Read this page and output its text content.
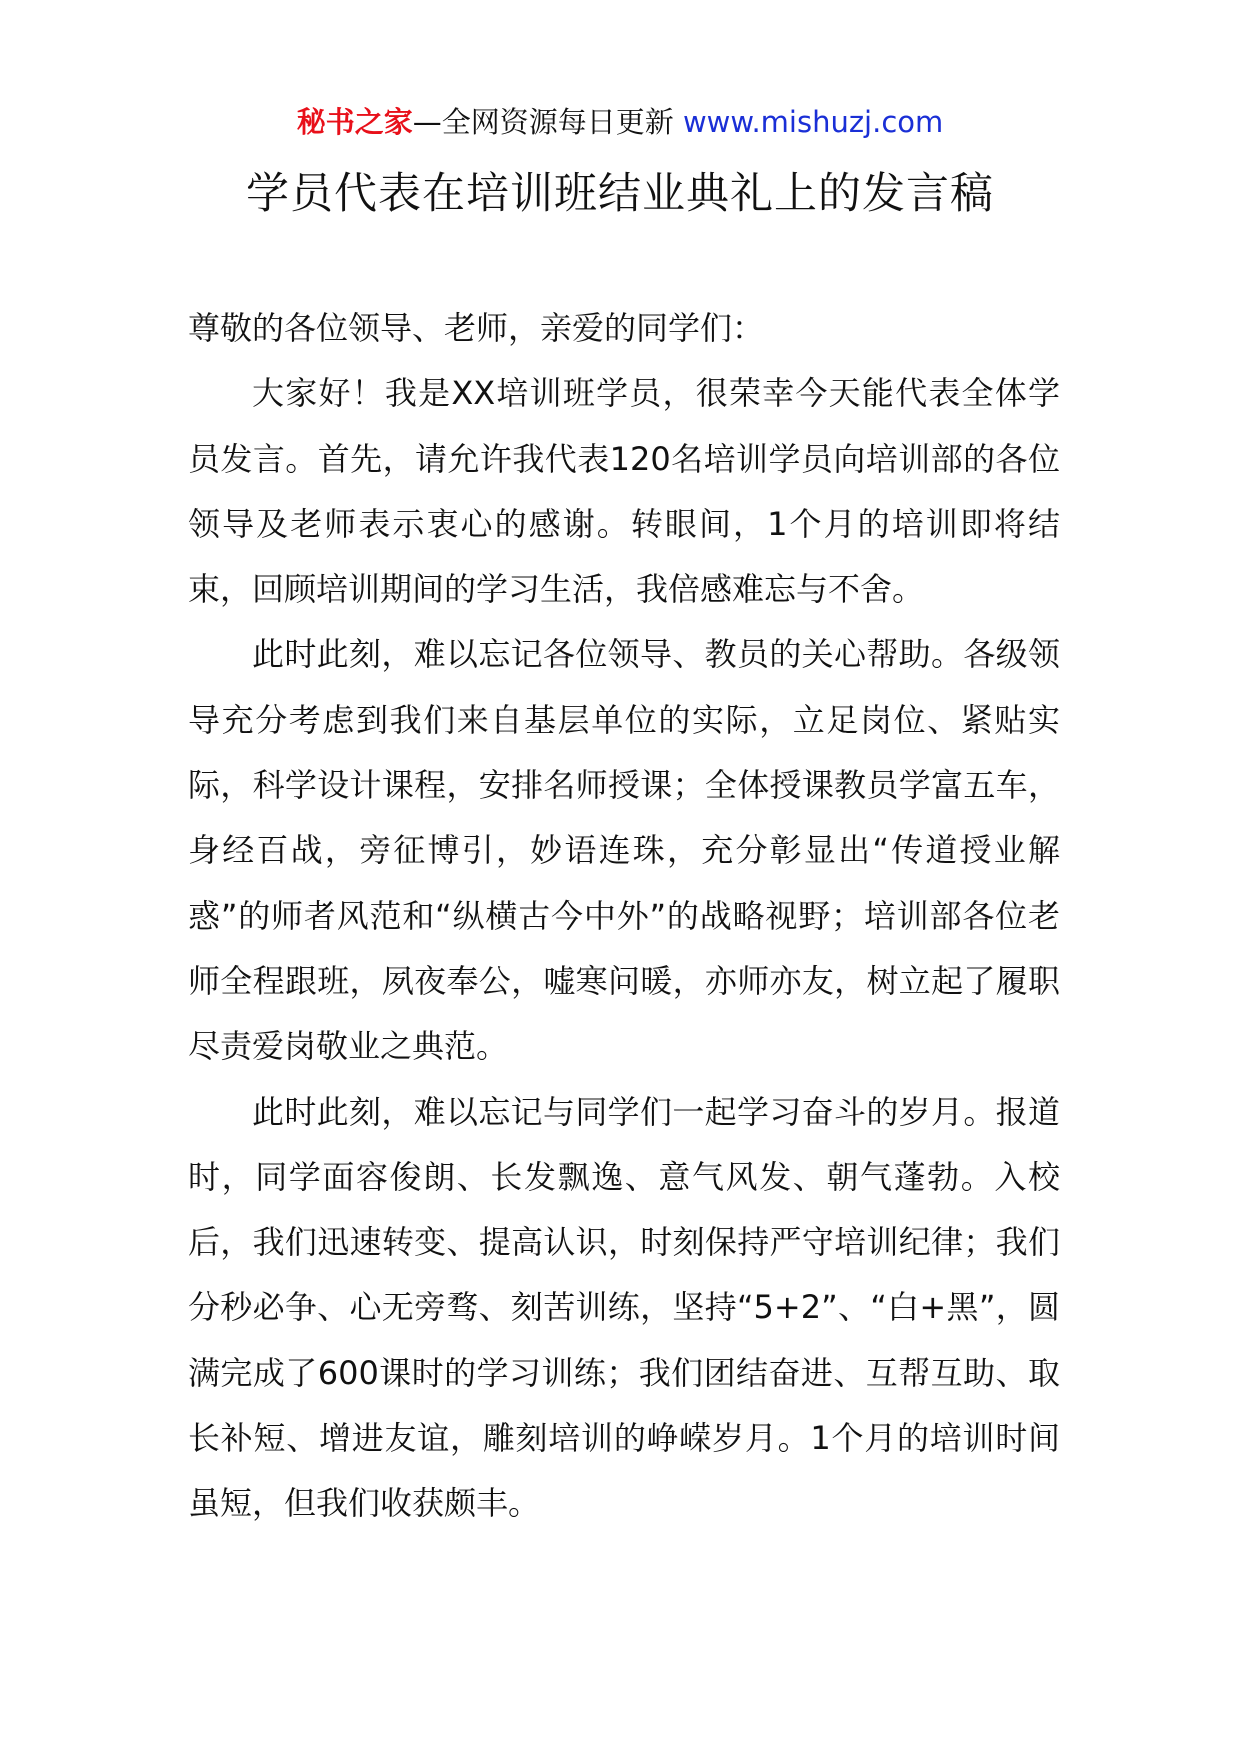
秘书之家—全网资源每日更新 www.mishuzj.com
学员代表在培训班结业典礼上的发言稿

尊敬的各位领导、老师，亲爱的同学们：

大家好！我是XX培训班学员，很荣幸今天能代表全体学员发言。首先，请允许我代表120名培训学员向培训部的各位领导及老师表示衷心的感谢。转眼间，1个月的培训即将结束，回顾培训期间的学习生活，我倍感难忘与不舍。

此时此刻，难以忘记各位领导、教员的关心帮助。各级领导充分考虑到我们来自基层单位的实际，立足岗位、紧贴实际，科学设计课程，安排名师授课；全体授课教员学富五车，身经百战，旁征博引，妙语连珠，充分彰显出“传道授业解惑”的师者风范和“纵横古今中外”的战略视野；培训部各位老师全程跟班，夙夜奉公，嘘寒问暖，亦师亦友，树立起了履职尽责爱岗敬业之典范。

此时此刻，难以忘记与同学们一起学习奋斗的岁月。报道时，同学面容俊朗、长发飘逸、意气风发、朝气蓬勃。入校后，我们迅速转变、提高认识，时刻保持严守培训纪律；我们分秒必争、心无旁骛、刻苦训练，坚持“5+2”、“白+黑”，圆满完成了600课时的学习训练；我们团结奋进、互帮互助、取长补短、增进友谊，雕刻培训的峥嵘岁月。1个月的培训时间虽短，但我们收获颇丰。
